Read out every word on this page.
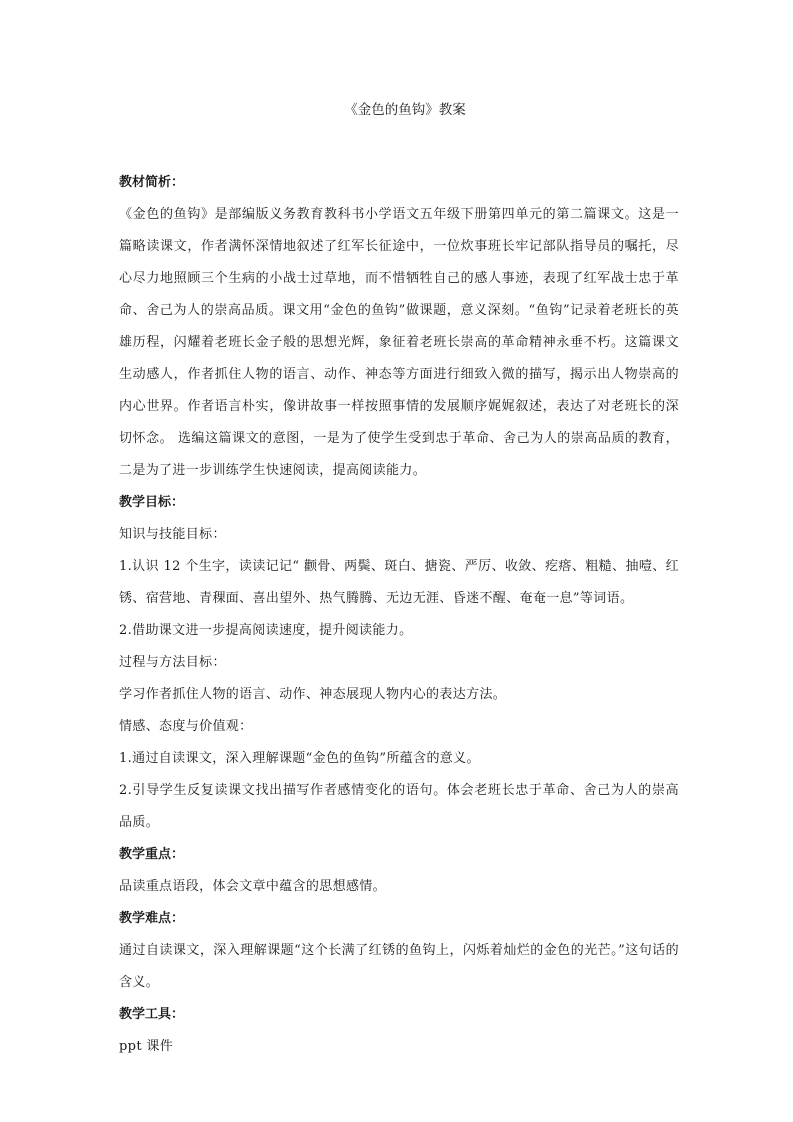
《金色的鱼钩》教案

教材简析：

《金色的鱼钩》是部编版义务教育教科书小学语文五年级下册第四单元的第二篇课文。这是一篇略读课文，作者满怀深情地叙述了红军长征途中，一位炊事班长牢记部队指导员的嘱托，尽心尽力地照顾三个生病的小战士过草地，而不惜牺牲自己的感人事迹，表现了红军战士忠于革命、舍己为人的崇高品质。课文用“金色的鱼钩”做课题，意义深刻。“鱼钩”记录着老班长的英雄历程，闪耀着老班长金子般的思想光辉，象征着老班长崇高的革命精神永垂不朽。这篇课文生动感人，作者抓住人物的语言、动作、神态等方面进行细致入微的描写，揭示出人物崇高的内心世界。作者语言朴实，像讲故事一样按照事情的发展顺序娓娓叙述，表达了对老班长的深切怀念。 选编这篇课文的意图，一是为了使学生受到忠于革命、舍己为人的崇高品质的教育，二是为了进一步训练学生快速阅读，提高阅读能力。

教学目标：

知识与技能目标：

1.认识 12 个生字，读读记记“ 颧骨、两鬓、斑白、搪瓷、严厉、收敛、疙瘩、粗糙、抽噎、红锈、宿营地、青稞面、喜出望外、热气腾腾、无边无涯、昏迷不醒、奄奄一息”等词语。

2.借助课文进一步提高阅读速度，提升阅读能力。

过程与方法目标：

学习作者抓住人物的语言、动作、神态展现人物内心的表达方法。

情感、态度与价值观：

1.通过自读课文，深入理解课题“金色的鱼钩”所蕴含的意义。

2.引导学生反复读课文找出描写作者感情变化的语句。体会老班长忠于革命、舍己为人的崇高品质。

教学重点：

品读重点语段，体会文章中蕴含的思想感情。

教学难点：

通过自读课文，深入理解课题“这个长满了红锈的鱼钩上，闪烁着灿烂的金色的光芒。”这句话的含义。

教学工具：

ppt 课件
